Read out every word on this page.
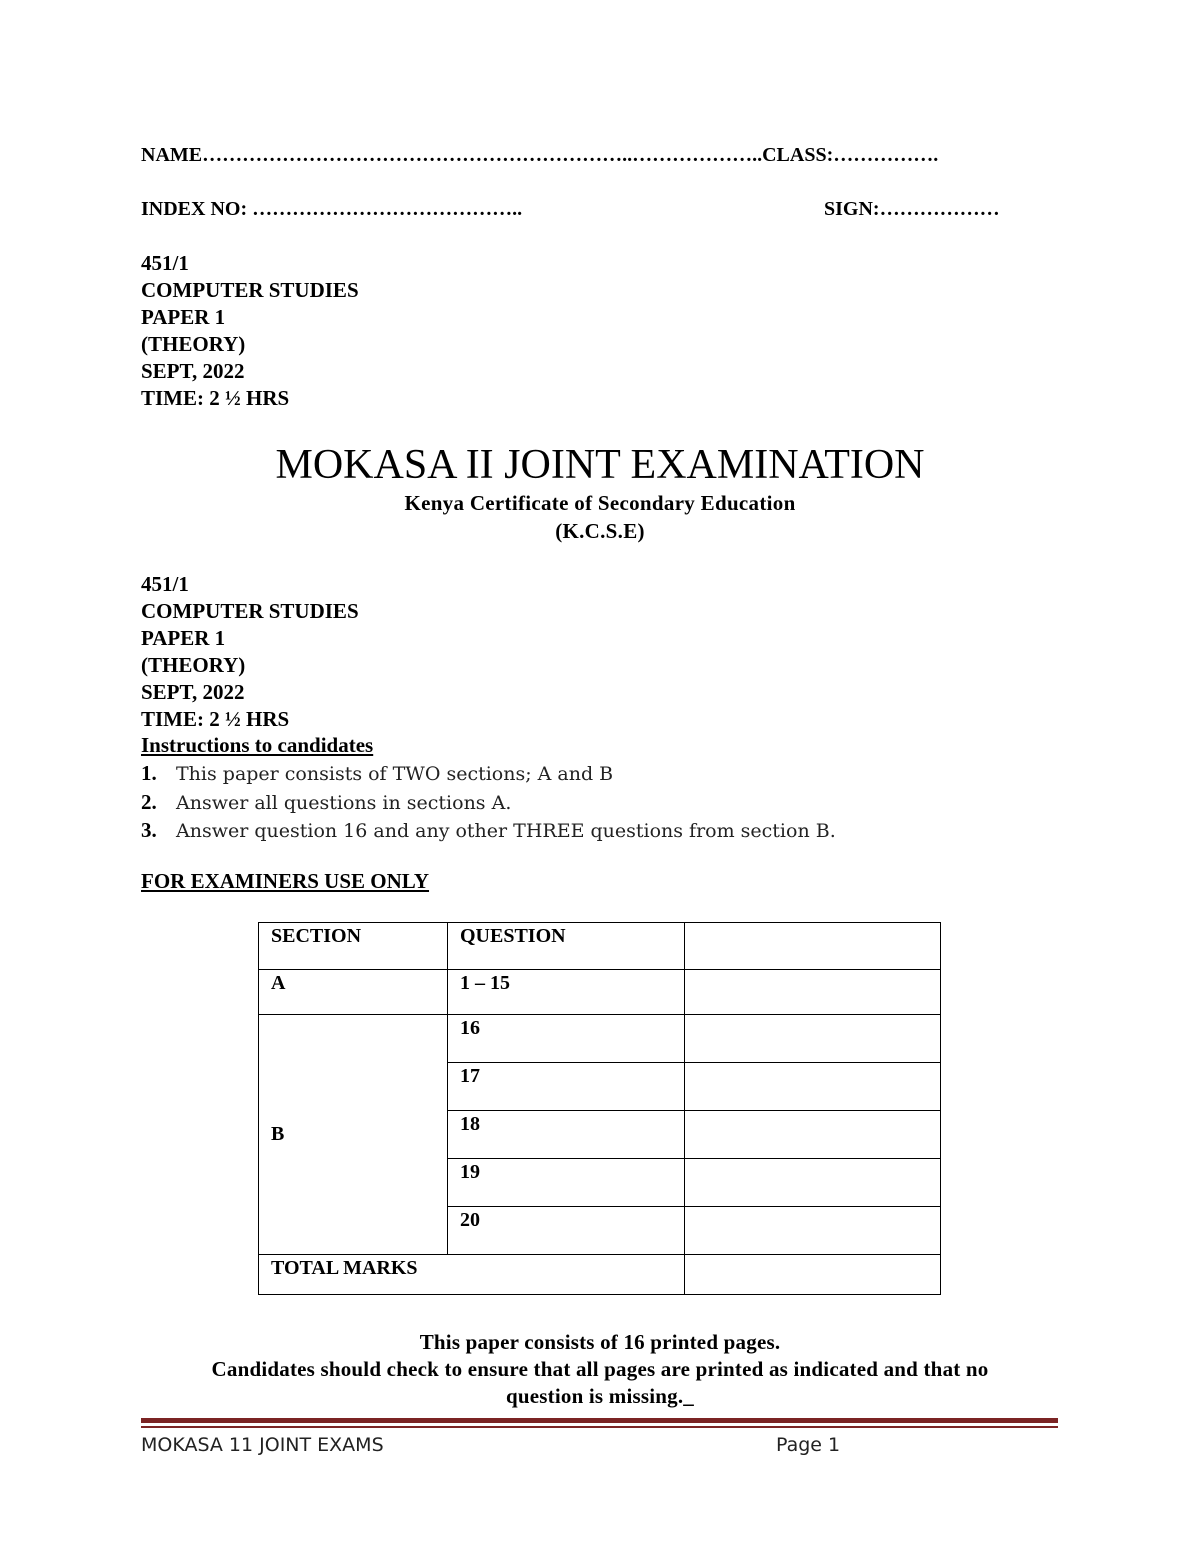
NAME………………………………………………………..………………..CLASS:…………….
INDEX NO: …………………………………..	SIGN:………………
451/1
COMPUTER STUDIES
PAPER 1
(THEORY)
SEPT, 2022
TIME: 2 ½ HRS
MOKASA II JOINT EXAMINATION
Kenya Certificate of Secondary Education
(K.C.S.E)
451/1
COMPUTER STUDIES
PAPER 1
(THEORY)
SEPT, 2022
TIME: 2 ½ HRS
Instructions to candidates
1. This paper consists of TWO sections; A and B
2. Answer all questions in sections A.
3. Answer question 16 and any other THREE questions from section B.
FOR EXAMINERS USE ONLY
SECTION	QUESTION	
A	1 – 15	
B	16	
	17	
	18	
	19	
	20	
TOTAL MARKS		
This paper consists of 16 printed pages.
Candidates should check to ensure that all pages are printed as indicated and that no
question is missing._
MOKASA 11 JOINT EXAMS	Page 1
